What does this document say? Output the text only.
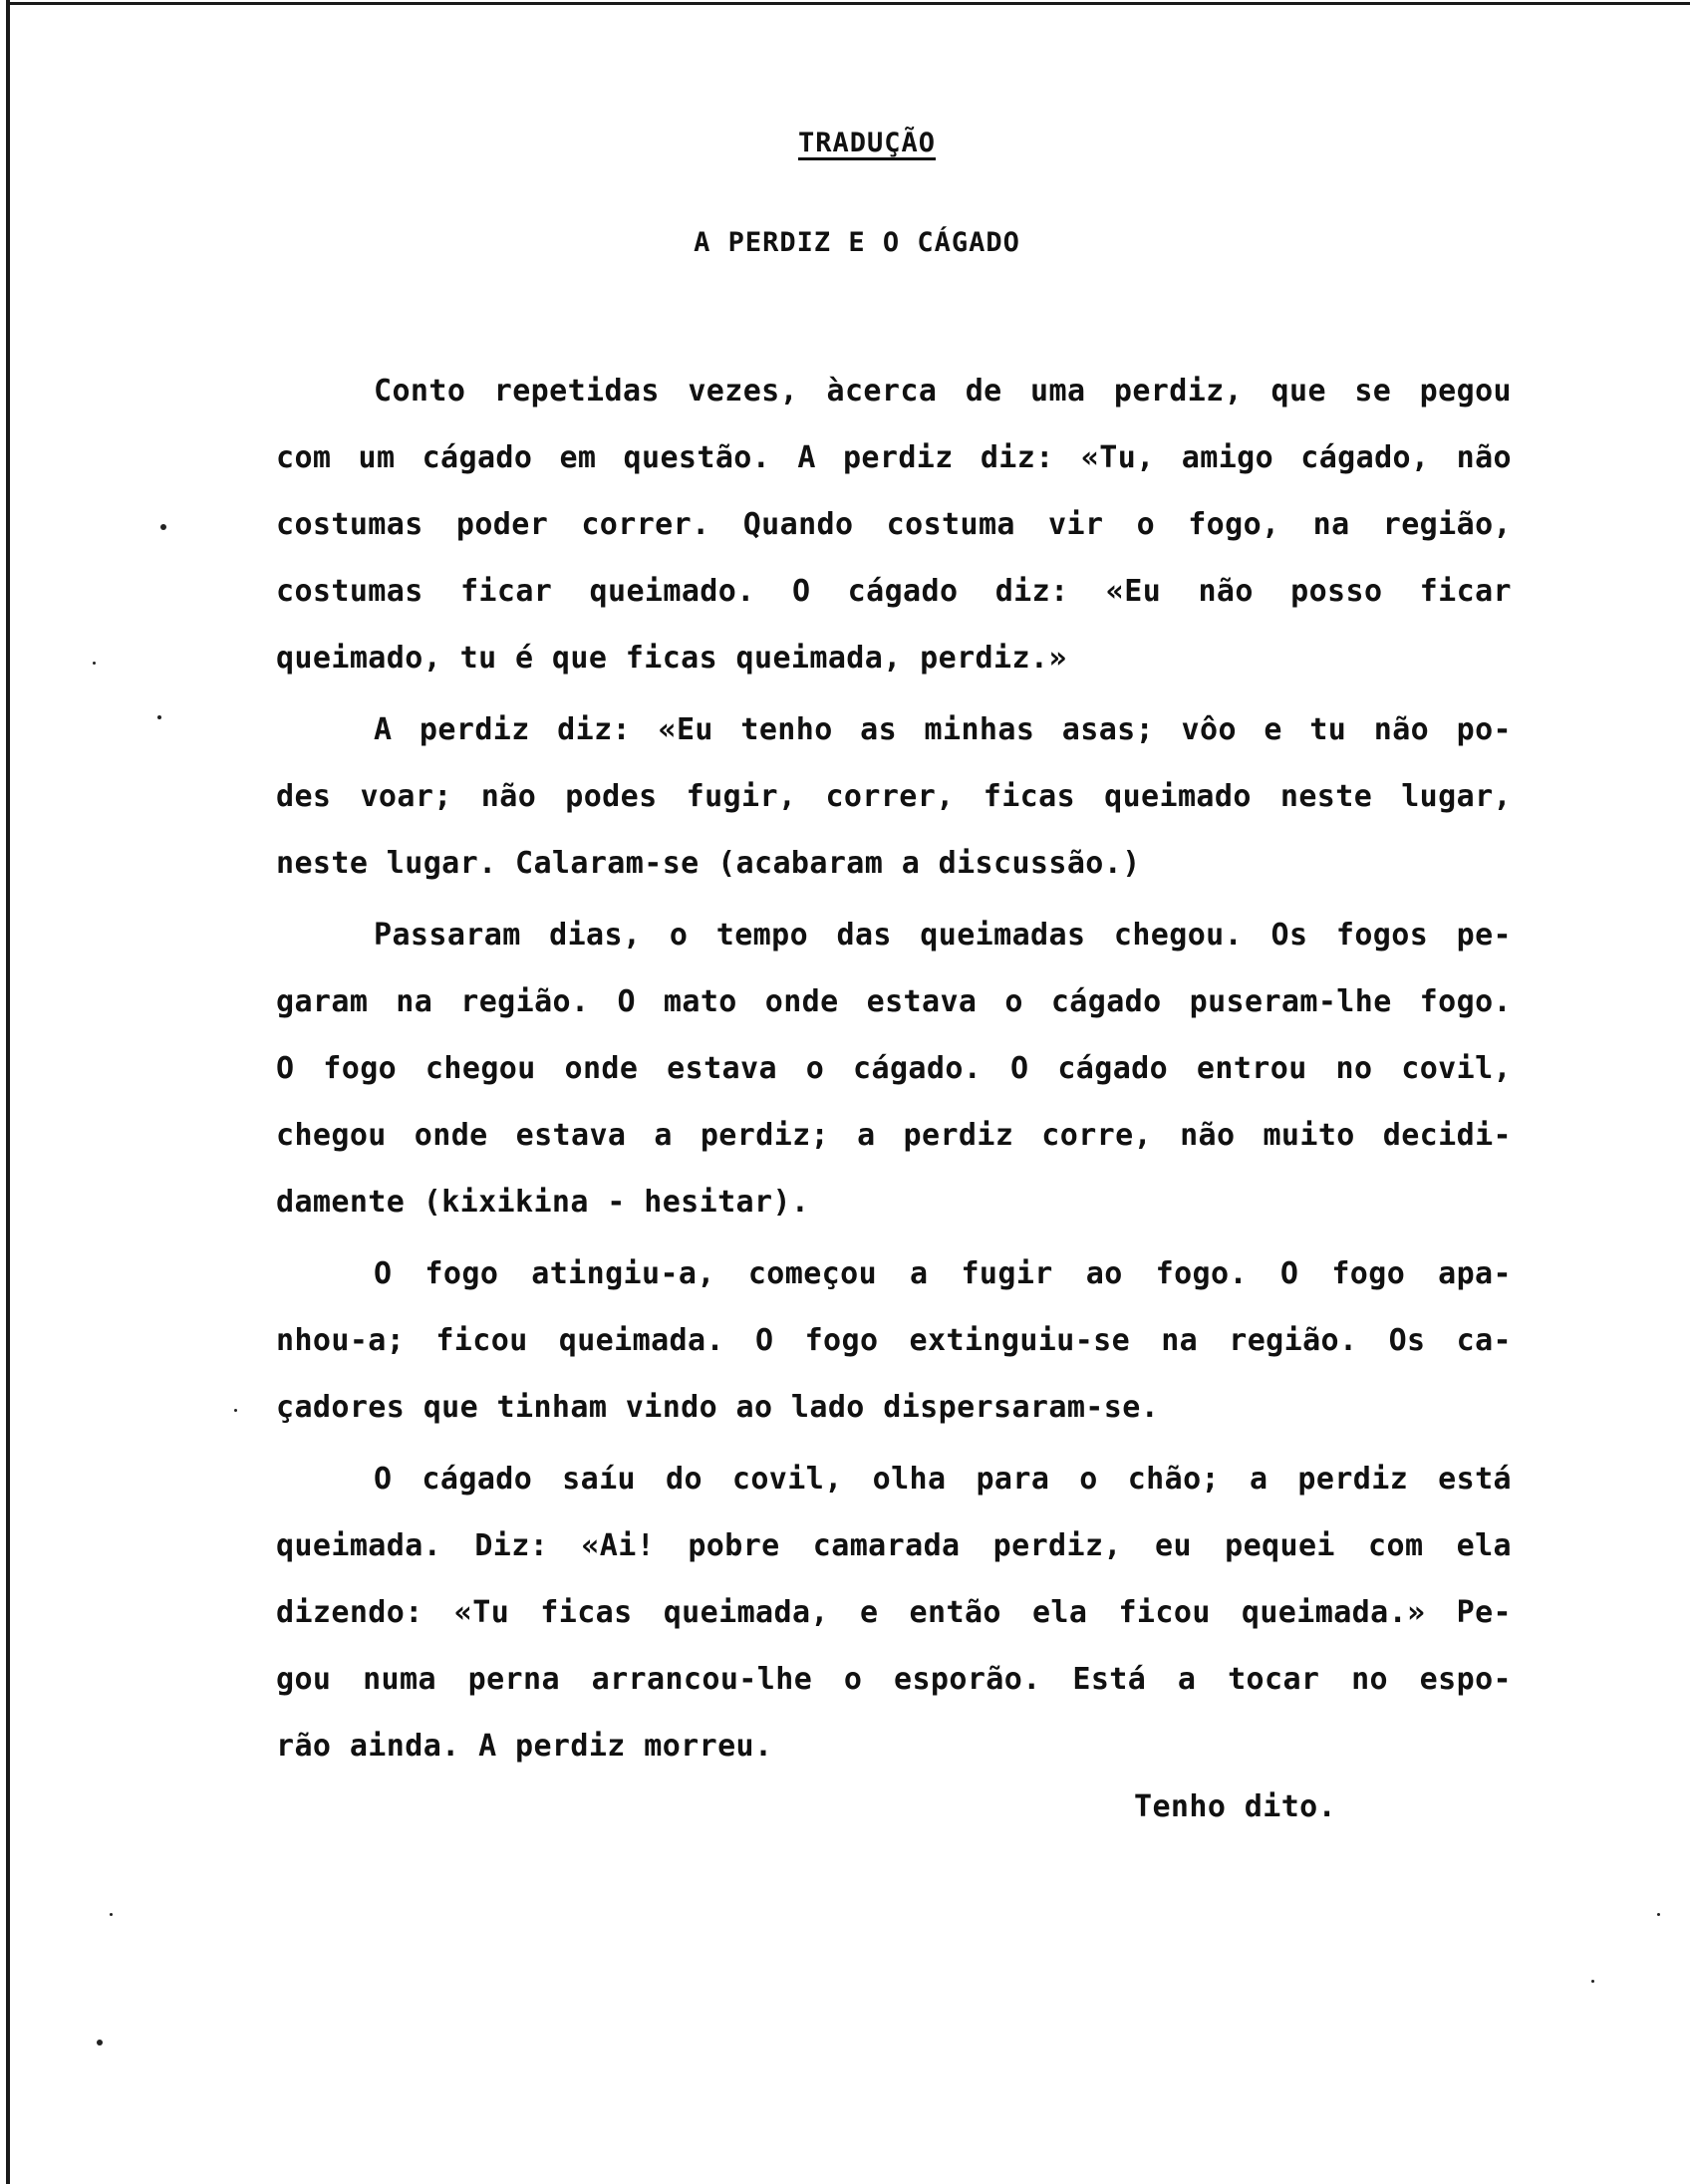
TRADUÇÃO
A PERDIZ E O CÁGADO
Conto repetidas vezes, àcerca de uma perdiz, que se pegou
com um cágado em questão. A perdiz diz: «Tu, amigo cágado, não
costumas poder correr. Quando costuma vir o fogo, na região,
costumas ficar queimado. O cágado diz: «Eu não posso ficar
queimado, tu é que ficas queimada, perdiz.»
A perdiz diz: «Eu tenho as minhas asas; vôo e tu não po-
des voar; não podes fugir, correr, ficas queimado neste lugar,
neste lugar. Calaram-se (acabaram a discussão.)
Passaram dias, o tempo das queimadas chegou. Os fogos pe-
garam na região. O mato onde estava o cágado puseram-lhe fogo.
O fogo chegou onde estava o cágado. O cágado entrou no covil,
chegou onde estava a perdiz; a perdiz corre, não muito decidi-
damente (kixikina - hesitar).
O fogo atingiu-a, começou a fugir ao fogo. O fogo apa-
nhou-a; ficou queimada. O fogo extinguiu-se na região. Os ca-
çadores que tinham vindo ao lado dispersaram-se.
O cágado saíu do covil, olha para o chão; a perdiz está
queimada. Diz: «Ai! pobre camarada perdiz, eu pequei com ela
dizendo: «Tu ficas queimada, e então ela ficou queimada.» Pe-
gou numa perna arrancou-lhe o esporão. Está a tocar no espo-
rão ainda. A perdiz morreu.
Tenho dito.
